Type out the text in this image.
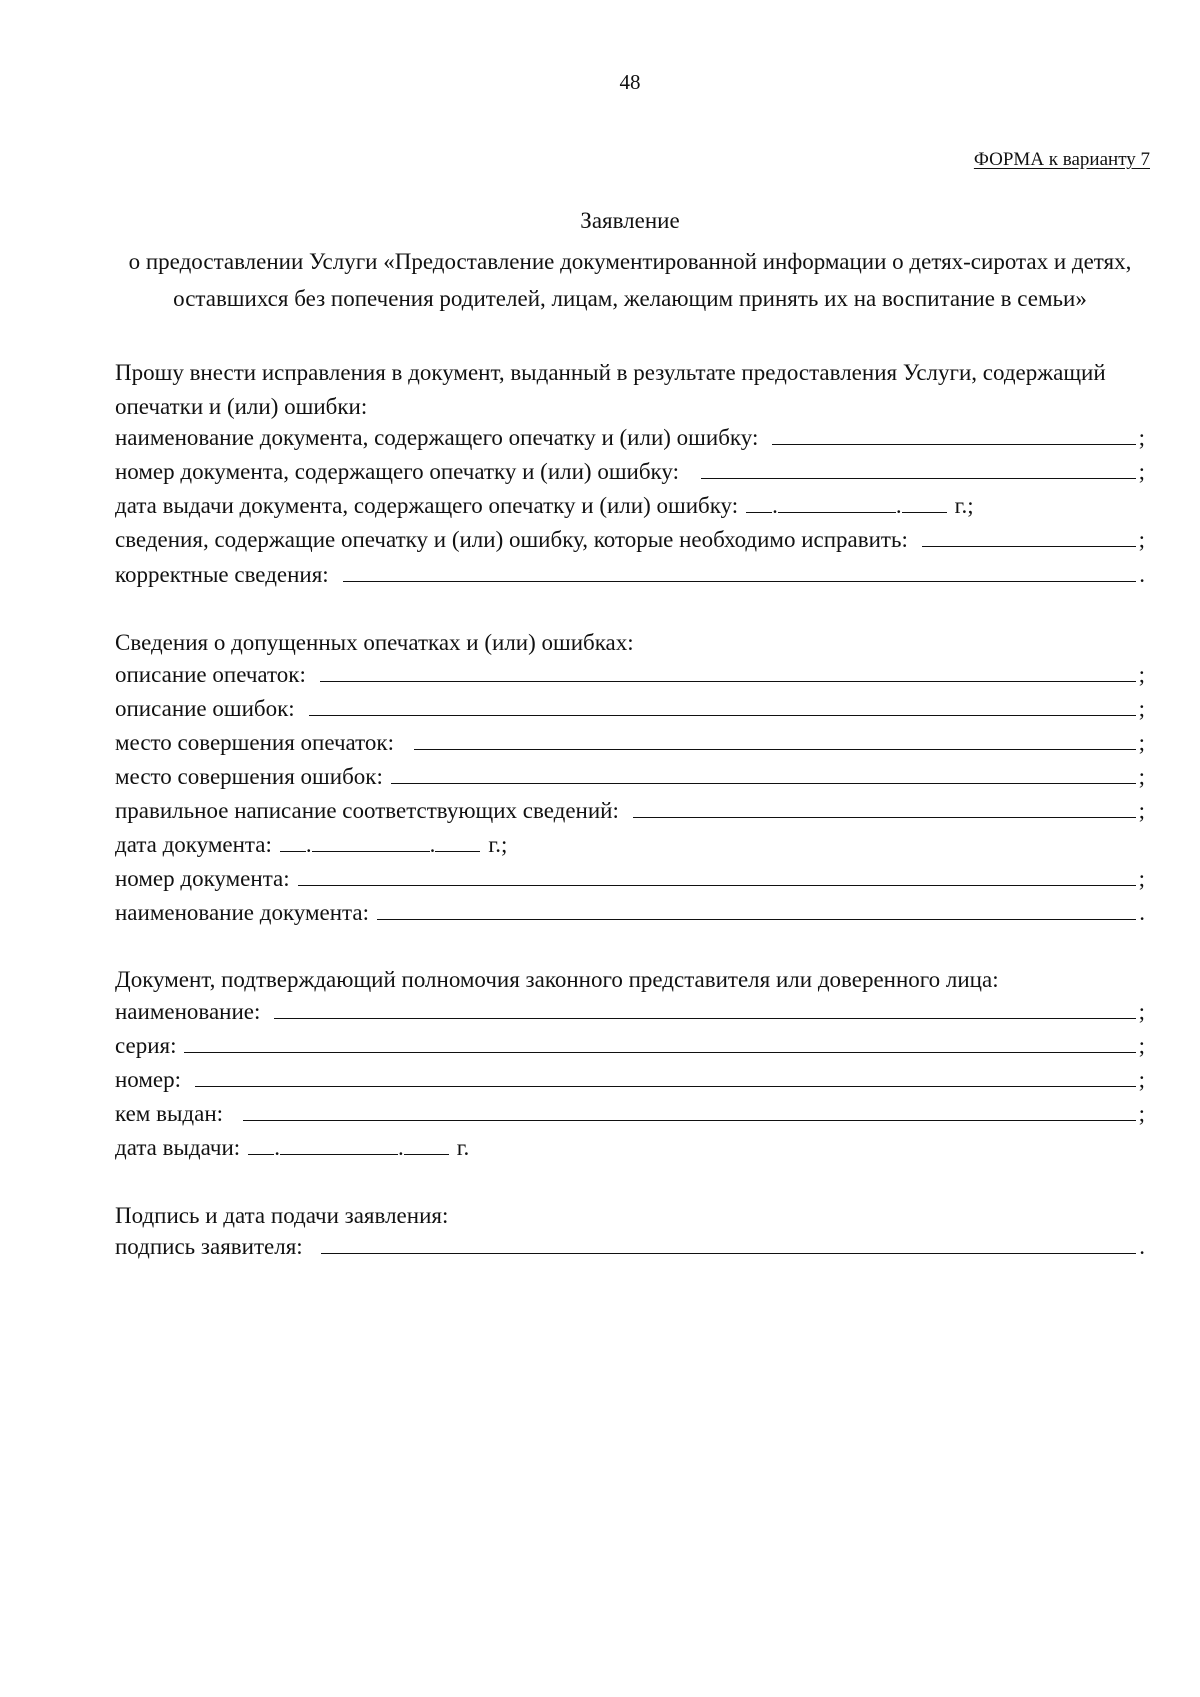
48
ФОРМА к варианту 7
Заявление
о предоставлении Услуги «Предоставление документированной информации о детях-сиротах и детях, оставшихся без попечения родителей, лицам, желающим принять их на воспитание в семьи»
Прошу внести исправления в документ, выданный в результате предоставления Услуги, содержащий опечатки и (или) ошибки:
наименование документа, содержащего опечатку и (или) ошибку:	;
номер документа, содержащего опечатку и (или) ошибку:	;
дата выдачи документа, содержащего опечатку и (или) ошибку: .	. г.;
сведения, содержащие опечатку и (или) ошибку, которые необходимо исправить:	;
корректные сведения:	.
Сведения о допущенных опечатках и (или) ошибках:
описание опечаток:	;
описание ошибок:	;
место совершения опечаток:	;
место совершения ошибок:	;
правильное написание соответствующих сведений:	;
дата документа: .	. г.;
номер документа:	;
наименование документа:	.
Документ, подтверждающий полномочия законного представителя или доверенного лица:
наименование:	;
серия:	;
номер:	;
кем выдан:	;
дата выдачи: .	. г.
Подпись и дата подачи заявления:
подпись заявителя:	.
